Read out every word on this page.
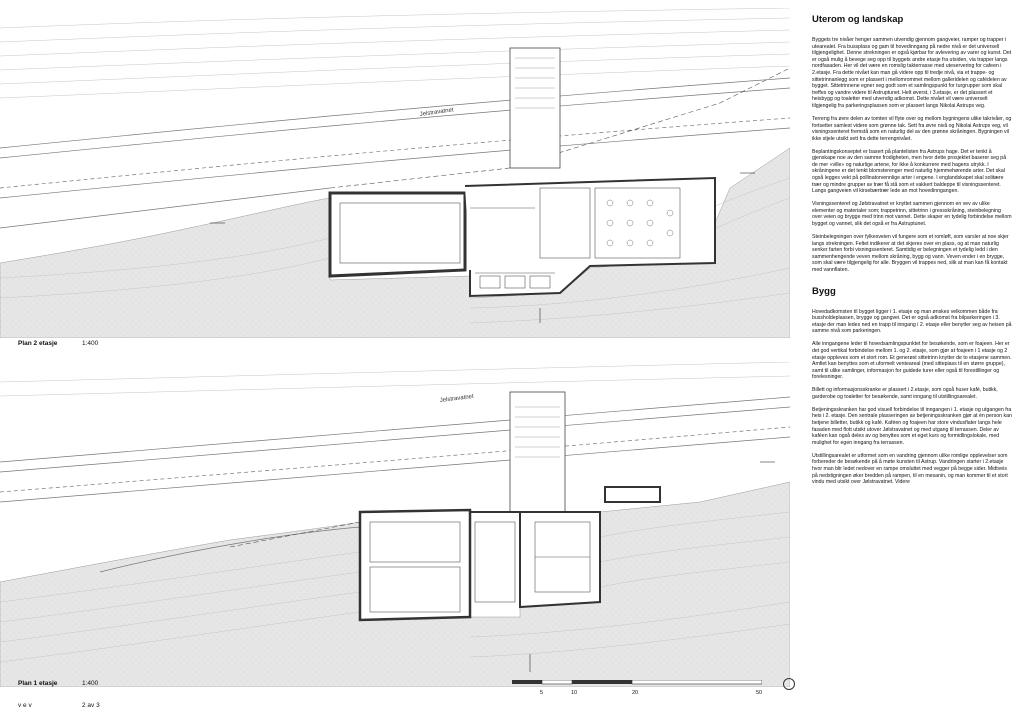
Jelstravatnet
Plan 2 etasje	1:400
Jelstravatnet
Plan 1 etasje	1:400
5	10	20	50
v e v	2 av 3
Uterom og landskap

Byggets tre nivåer henger sammen utvendig gjennom gangveier, ramper og trapper i utearealet. Fra bussplass og gam til hovedinngang på nedre nivå er det universell tilgjengelighet. Denne strekningen er også kjørbar for avlevering av varer og kunst. Det er også mulig å bevege seg opp til byggets andre etasje fra utsiden, via trapper langs nordfasaden. Her vil det være en romslig takterrasse med uteservering for cafeen i 2.etasje. Fra dette nivået kan man gå videre opp til tredje nivå, via et trappe- og sittetrinnanlegg som er plassert i mellomrommet mellom galleridelen og cafédelen av bygget. Sittetrinnene egner seg godt som et samlingspunkt for turgrupper som skal treffes og vandre videre til Astruptunet. Helt øverst, i 3.etasje, er det plassert et heisbygg og toaletter med utvendig adkomst. Dette nivået vil være universelt tilgjengelig fra parkeringsplassen som er plassert langs Nikolai Astrups veg.

Terreng fra øvre delen av tomten vil flyte over og mellom bygningens ulike takrivåer, og fortsetter samlest videre som grønne tak. Sett fra øvre nivå og Nikolai Astrups veg, vil visningssenteret fremstå som en naturlig del av den grønne skråningen. Bygningen vil ikke stjele utsikt sett fra dette terrengnivået.

Beplantingskonseptet er basert på plantelisten fra Astrups hage. Det er tenkt å gjenskape noe av den samme frodigheten, men hvor dette prosjektet baserer seg på de mer «ville» og naturlige artene, for ikke å konkurrere med hagens utrykk. I skråningene er det tenkt blomsterenger med naturlig hjemmehørende arter. Det skal også legges vekt på pollinatorvennlige arter i engene. I englandskapet skal solitære trær og mindre grupper av trær få stå som et vakkert baldeppe til visningssenteret. Langs gangveien vil kirsebærtrær lede an mot hovedinngangen.

Visningssenteret og Jølstravatnet er knyttet sammen gjennom en vev av ulike elementer og materialer som; trappetrinn, sittetrinn i gressskråning, steinbelegning over veien og brygge med trinn mot vannet. Dette skaper en tydelig forbindelse mellom bygget og vannet, slik det også er fra Astruptunet.

Steinbelegningen over fylkesveien vil fungere som et romløft, som varsler at noe skjer langs strekningen. Feltet indikerer at det skjeres over en plass, og at man naturlig senker farten forbi visningssenteret. Samtidig er belegningen et tydelig ledd i den sammenhengende veven mellom skråning, bygg og vann. Veven ender i en brygge, som skal være tilgjengelig for alle. Bryggen vil trappes ned, slik at man kan få kontakt med vannflaten.

Bygg

Hovedadkomsten til bygget ligger i 1. etasje og man ønskes velkommen både fra bussholdeplassen, brygge og gangvei. Det er også adkomst fra bilparkeringen i 3. etasje der man ledes ned en trapp til inngang i 2. etasje eller benytter seg av heisen på samme nivå som parkeringen.

Alle inngangene leder til hovedsamlingspunktet for besøkende, som er foajeen. Her er det god vertikal forbindelse mellom 1. og 2. etasje, som gjør at foajeen i 1 etasje og 2 etasje oppleves som et stort rom. Et generøst sittetrinn knytter de to etasjene sammen. Amfiet kan benyttes som et uformelt venteareal (med sittepiass til en større gruppe), samt til ulike samlinger, informasjon for guidede turer eller også til forestillinger og forelesninger.

Billett og informasjonsskranke er plassert i 2.etasje, som også huser kafé, butikk, garderobe og toaletter for besøkende, samt inngang til utstillingsarealet.

Betjeningsskranken har god visuell forbindelse til inngangen i 1. etasje og utgangen fra heis i 2. etasje. Den sentrale plasseringen av betjeningsskranken gjør at én person kan betjene billetter, butikk og kafé. Kaféen og foajeen har store vindusflater langs hele fasaden med flott utsikt utover Jølstravatnet og med utgang til terrassen. Deler av kaféen kan også deles av og benyttes som et eget kurs og formidlingslokale, med mulighet for egen inngang fra terrassen.

Utstillingsarealet er utformet som en vandring gjennom ulike romlige opplevelser som forbereder de besøkende på å møte kunsten til Astrup. Vandringen starter i 2.etasje hvor man blir ledet nedover en rampe omsluttet med vegger på begge sider. Midtveis på nedstigningen øker bredden på rampen, til en mesanin, og man kommer til et stort vindu med utsikt over Jølstravatnet. Videre
